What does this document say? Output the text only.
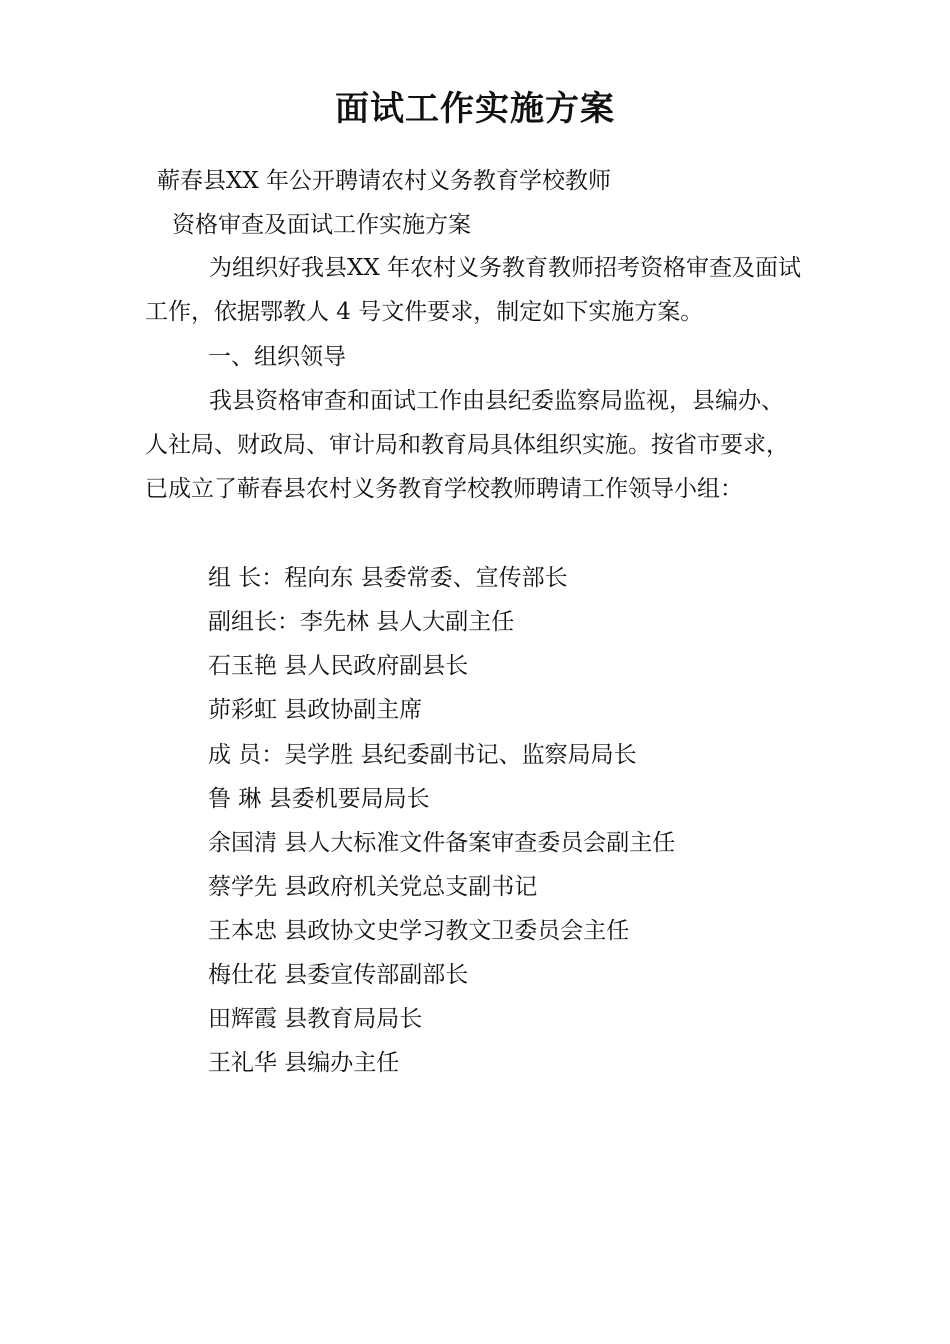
面试工作实施方案
蕲春县XX 年公开聘请农村义务教育学校教师
资格审查及面试工作实施方案
为组织好我县XX 年农村义务教育教师招考资格审查及面试工作，依据鄂教人 4 号文件要求，制定如下实施方案。
一、组织领导
我县资格审查和面试工作由县纪委监察局监视，县编办、人社局、财政局、审计局和教育局具体组织实施。按省市要求，已成立了蕲春县农村义务教育学校教师聘请工作领导小组：
组 长：程向东 县委常委、宣传部长
副组长：李先林 县人大副主任
石玉艳 县人民政府副县长
茆彩虹 县政协副主席
成 员：吴学胜 县纪委副书记、监察局局长
鲁 琳 县委机要局局长
余国清 县人大标准文件备案审查委员会副主任
蔡学先 县政府机关党总支副书记
王本忠 县政协文史学习教文卫委员会主任
梅仕花 县委宣传部副部长
田辉霞 县教育局局长
王礼华 县编办主任
